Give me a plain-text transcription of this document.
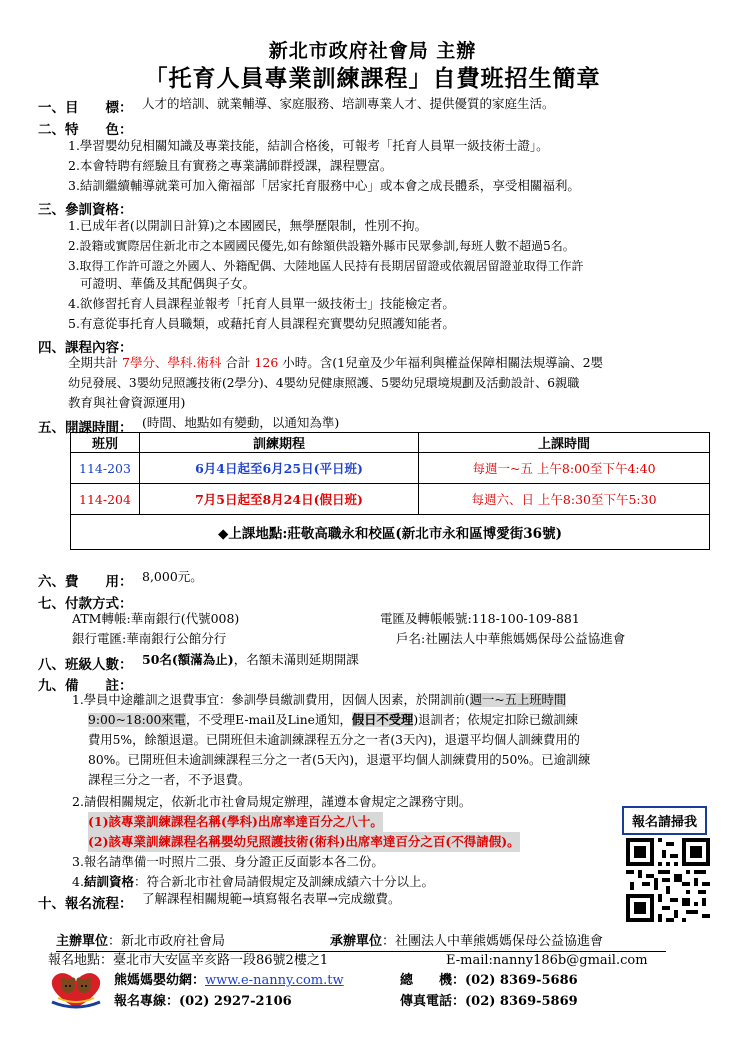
新北市政府社會局 主辦
「托育人員專業訓練課程」自費班招生簡章
一、目　　標： 人才的培訓、就業輔導、家庭服務、培訓專業人才、提供優質的家庭生活。
二、特　　色：
1.學習嬰幼兒相關知識及專業技能，結訓合格後，可報考「托育人員單一級技術士證」。
2.本會特聘有經驗且有實務之專業講師群授課，課程豐富。
3.結訓繼續輔導就業可加入衛福部「居家托育服務中心」或本會之成長體系，享受相關福利。
三、參訓資格：
1.已成年者(以開訓日計算)之本國國民，無學歷限制，性別不拘。
2.設籍或實際居住新北市之本國國民優先,如有餘額供設籍外縣市民眾參訓,每班人數不超過5名。
3.取得工作許可證之外國人、外籍配偶、大陸地區人民持有長期居留證或依親居留證並取得工作許
可證明、華僑及其配偶與子女。
4.欲修習托育人員課程並報考「托育人員單一級技術士」技能檢定者。
5.有意從事托育人員職類，或藉托育人員課程充實嬰幼兒照護知能者。
四、課程內容：
全期共計 7學分、學科.術科 合計 126 小時。含(1兒童及少年福利與權益保障相關法規導論、2嬰
幼兒發展、3嬰幼兒照護技術(2學分)、4嬰幼兒健康照護、5嬰幼兒環境規劃及活動設計、6親職
教育與社會資源運用)
五、開課時間： (時間、地點如有變動，以通知為準)
班別	訓練期程	上課時間
114-203	6月4日起至6月25日(平日班)	每週一~五 上午8:00至下午4:40
114-204	7月5日起至8月24日(假日班)	每週六、日 上午8:30至下午5:30
◆上課地點:莊敬高職永和校區(新北市永和區博愛街36號)		
六、費　　用： 8,000元。
七、付款方式：
ATM轉帳:華南銀行(代號008)	電匯及轉帳帳號:118-100-109-881
銀行電匯:華南銀行公館分行	戶名:社團法人中華熊媽媽保母公益協進會
八、班級人數： 50名(額滿為止)，名額未滿則延期開課
九、備　　註：
1.學員中途離訓之退費事宜：參訓學員繳訓費用，因個人因素，於開訓前(週一~五上班時間
9:00~18:00來電，不受理E-mail及Line通知，假日不受理)退訓者；依規定扣除已繳訓練
費用5%，餘額退還。已開班但未逾訓練課程五分之一者(3天內)，退還平均個人訓練費用的
80%。已開班但未逾訓練課程三分之一者(5天內)，退還平均個人訓練費用的50%。已逾訓練
課程三分之一者，不予退費。
2.請假相關規定，依新北市社會局規定辦理，謹遵本會規定之課務守則。
(1)該專業訓練課程名稱(學科)出席率達百分之八十。
(2)該專業訓練課程名稱嬰幼兒照護技術(術科)出席率達百分之百(不得請假)。
3.報名請準備一吋照片二張、身分證正反面影本各二份。
4.結訓資格：符合新北市社會局請假規定及訓練成績六十分以上。
報名請掃我
十、報名流程： 了解課程相關規範→填寫報名表單→完成繳費。
主辦單位：新北市政府社會局	承辦單位：社團法人中華熊媽媽保母公益協進會
報名地點：臺北市大安區辛亥路一段86號2樓之1	E-mail:nanny186b@gmail.com
熊媽媽嬰幼網：www.e-nanny.com.tw	總　　機：(02) 8369-5686
報名專線：(02) 2927-2106	傳真電話：(02) 8369-5869
